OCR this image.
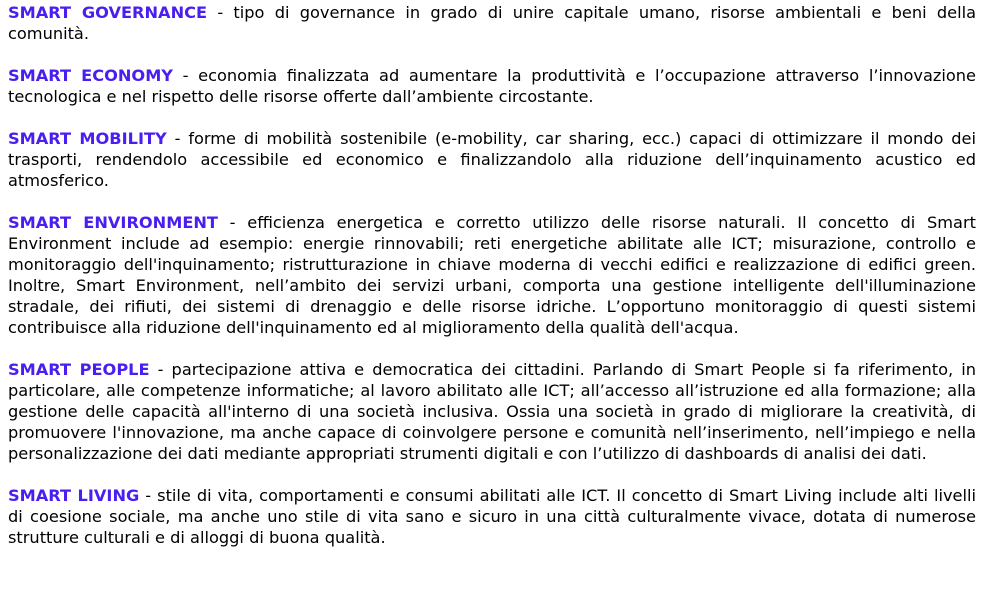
SMART GOVERNANCE - tipo di governance in grado di unire capitale umano, risorse ambientali e beni della comunità.

SMART ECONOMY - economia finalizzata ad aumentare la produttività e l’occupazione attraverso l’innovazione tecnologica e nel rispetto delle risorse offerte dall’ambiente circostante.

SMART MOBILITY - forme di mobilità sostenibile (e-mobility, car sharing, ecc.) capaci di ottimizzare il mondo dei trasporti, rendendolo accessibile ed economico e finalizzandolo alla riduzione dell’inquinamento acustico ed atmosferico.

SMART ENVIRONMENT - efficienza energetica e corretto utilizzo delle risorse naturali. Il concetto di Smart Environment include ad esempio: energie rinnovabili; reti energetiche abilitate alle ICT; misurazione, controllo e monitoraggio dell'inquinamento; ristrutturazione in chiave moderna di vecchi edifici e realizzazione di edifici green. Inoltre, Smart Environment, nell’ambito dei servizi urbani, comporta una gestione intelligente dell'illuminazione stradale, dei rifiuti, dei sistemi di drenaggio e delle risorse idriche. L’opportuno monitoraggio di questi sistemi contribuisce alla riduzione dell'inquinamento ed al miglioramento della qualità dell'acqua.

SMART PEOPLE - partecipazione attiva e democratica dei cittadini. Parlando di Smart People si fa riferimento, in particolare, alle competenze informatiche; al lavoro abilitato alle ICT; all’accesso all’istruzione ed alla formazione; alla gestione delle capacità all'interno di una società inclusiva. Ossia una società in grado di migliorare la creatività, di promuovere l'innovazione, ma anche capace di coinvolgere persone e comunità nell’inserimento, nell’impiego e nella personalizzazione dei dati mediante appropriati strumenti digitali e con l’utilizzo di dashboards di analisi dei dati.

SMART LIVING - stile di vita, comportamenti e consumi abilitati alle ICT. Il concetto di Smart Living include alti livelli di coesione sociale, ma anche uno stile di vita sano e sicuro in una città culturalmente vivace, dotata di numerose strutture culturali e di alloggi di buona qualità.
